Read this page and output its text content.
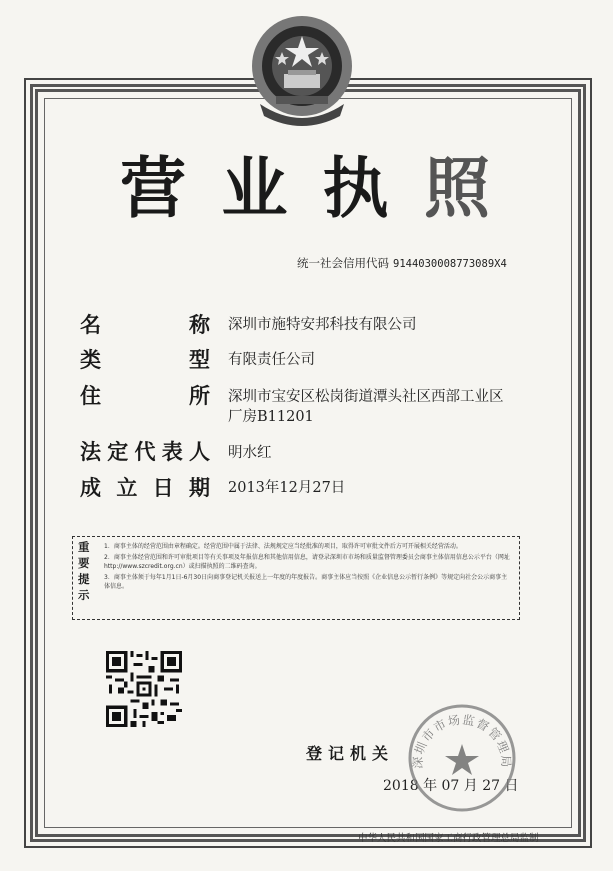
营 业 执 照
统一社会信用代码 914403000877​3089X4
名	称 深圳市施特安邦科技有限公司
类	型 有限责任公司
住	所 深圳市宝安区松岗街道潭头社区西部工业区
厂房B11201
法 定 代 表 人 明水红
成 立 日 期 2013年12月27日
重
要
提
示

1．商事主体的经营范围由章程确定。经营范围中属于法律、法规规定应当经批准的项目，取得许可审批文件后方可开展相关经营活动。

2．商事主体经营范围和许可审批项目等有关事项及年报信息和其他信用信息，请登录深圳市市场和质量监督管理委员会商事主体信用信息公示平台（网址http://www.szcredit.org.cn）或扫描执照的二维码查询。

3．商事主体须于每年1月1日-6月30日向商事登记机关报送上一年度的年度报告。商事主体应当按照《企业信息公示暂行条例》等规定向社会公示商事主体信息。

登记机关
2018 年 07 月 27 日
深圳市市场监督管理局
中华人民共和国国家工商行政管理总局监制
